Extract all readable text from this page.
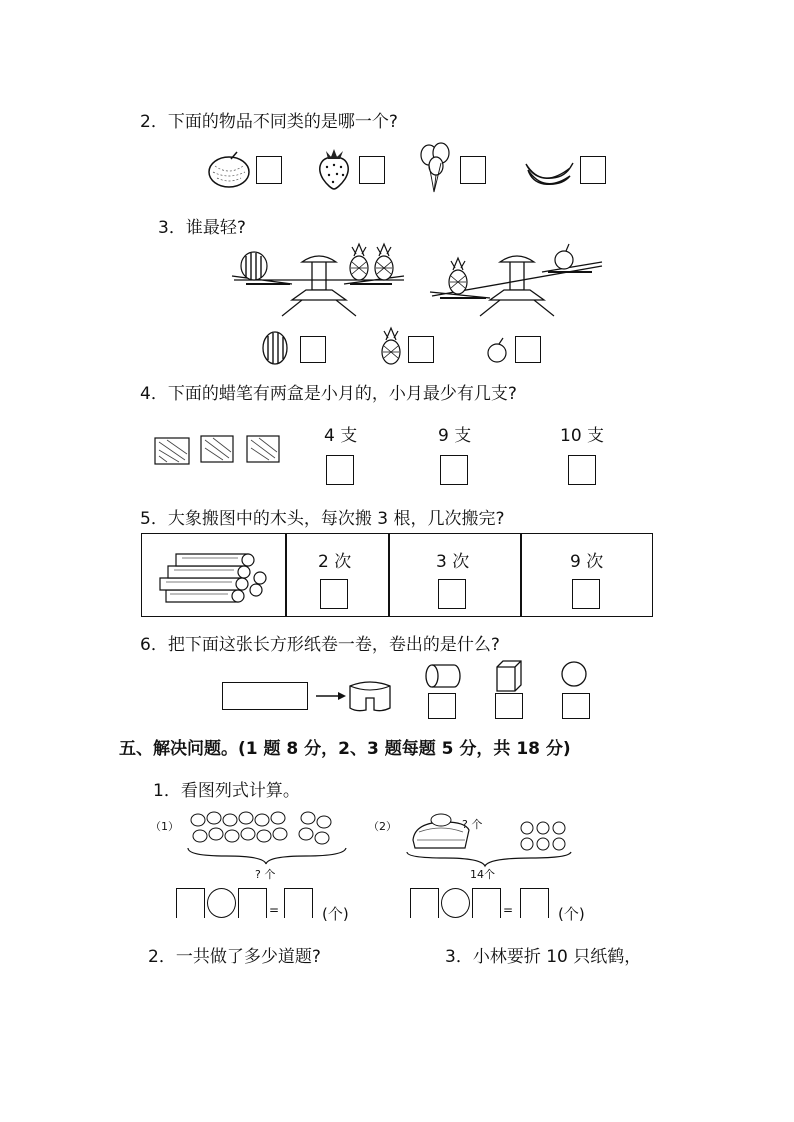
2．下面的物品不同类的是哪一个?
3．谁最轻?
4．下面的蜡笔有两盒是小月的，小月最少有几支?
4 支	9 支	10 支
5．大象搬图中的木头，每次搬 3 根，几次搬完?
2 次	3 次	9 次
6．把下面这张长方形纸卷一卷，卷出的是什么?
五、解决问题。(1 题 8 分，2、3 题每题 5 分，共 18 分)
1．看图列式计算。
（1）
? 个
（2）	? 个
14个
=	(个)	=	(个)
2．一共做了多少道题?	3．小林要折 10 只纸鹤，
